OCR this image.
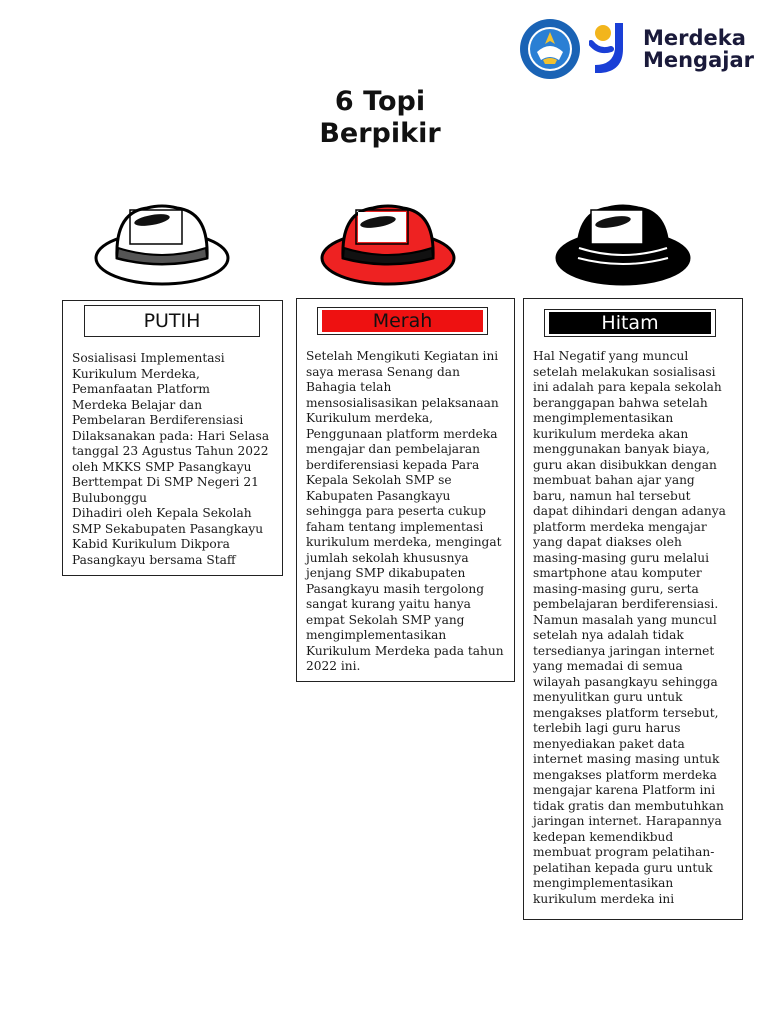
Merdeka
Mengajar
6 Topi
Berpikir
PUTIH
Sosialisasi Implementasi
Kurikulum Merdeka,
Pemanfaatan Platform
Merdeka Belajar dan
Pembelaran Berdiferensiasi
Dilaksanakan pada: Hari Selasa
tanggal 23 Agustus Tahun 2022
oleh MKKS SMP Pasangkayu
Berttempat Di SMP Negeri 21
Bulubonggu
Dihadiri oleh Kepala Sekolah
SMP Sekabupaten Pasangkayu
Kabid Kurikulum Dikpora
Pasangkayu bersama Staff
Merah
Setelah Mengikuti Kegiatan ini
saya merasa Senang dan
Bahagia telah
mensosialisasikan pelaksanaan
Kurikulum merdeka,
Penggunaan platform merdeka
mengajar dan pembelajaran
berdiferensiasi kepada Para
Kepala Sekolah SMP se
Kabupaten Pasangkayu
sehingga para peserta cukup
faham tentang implementasi
kurikulum merdeka, mengingat
jumlah sekolah khususnya
jenjang SMP dikabupaten
Pasangkayu masih tergolong
sangat kurang yaitu hanya
empat Sekolah SMP yang
mengimplementasikan
Kurikulum Merdeka pada tahun
2022 ini.
Hitam
Hal Negatif yang muncul
setelah melakukan sosialisasi
ini adalah para kepala sekolah
beranggapan bahwa setelah
mengimplementasikan
kurikulum merdeka akan
menggunakan banyak biaya,
guru akan disibukkan dengan
membuat bahan ajar yang
baru, namun hal tersebut
dapat dihindari dengan adanya
platform merdeka mengajar
yang dapat diakses oleh
masing-masing guru melalui
smartphone atau komputer
masing-masing guru, serta
pembelajaran berdiferensiasi.
Namun masalah yang muncul
setelah nya adalah tidak
tersedianya jaringan internet
yang memadai di semua
wilayah pasangkayu sehingga
menyulitkan guru untuk
mengakses platform tersebut,
terlebih lagi guru harus
menyediakan paket data
internet masing masing untuk
mengakses platform merdeka
mengajar karena Platform ini
tidak gratis dan membutuhkan
jaringan internet. Harapannya
kedepan kemendikbud
membuat program pelatihan-
pelatihan kepada guru untuk
mengimplementasikan
kurikulum merdeka ini
